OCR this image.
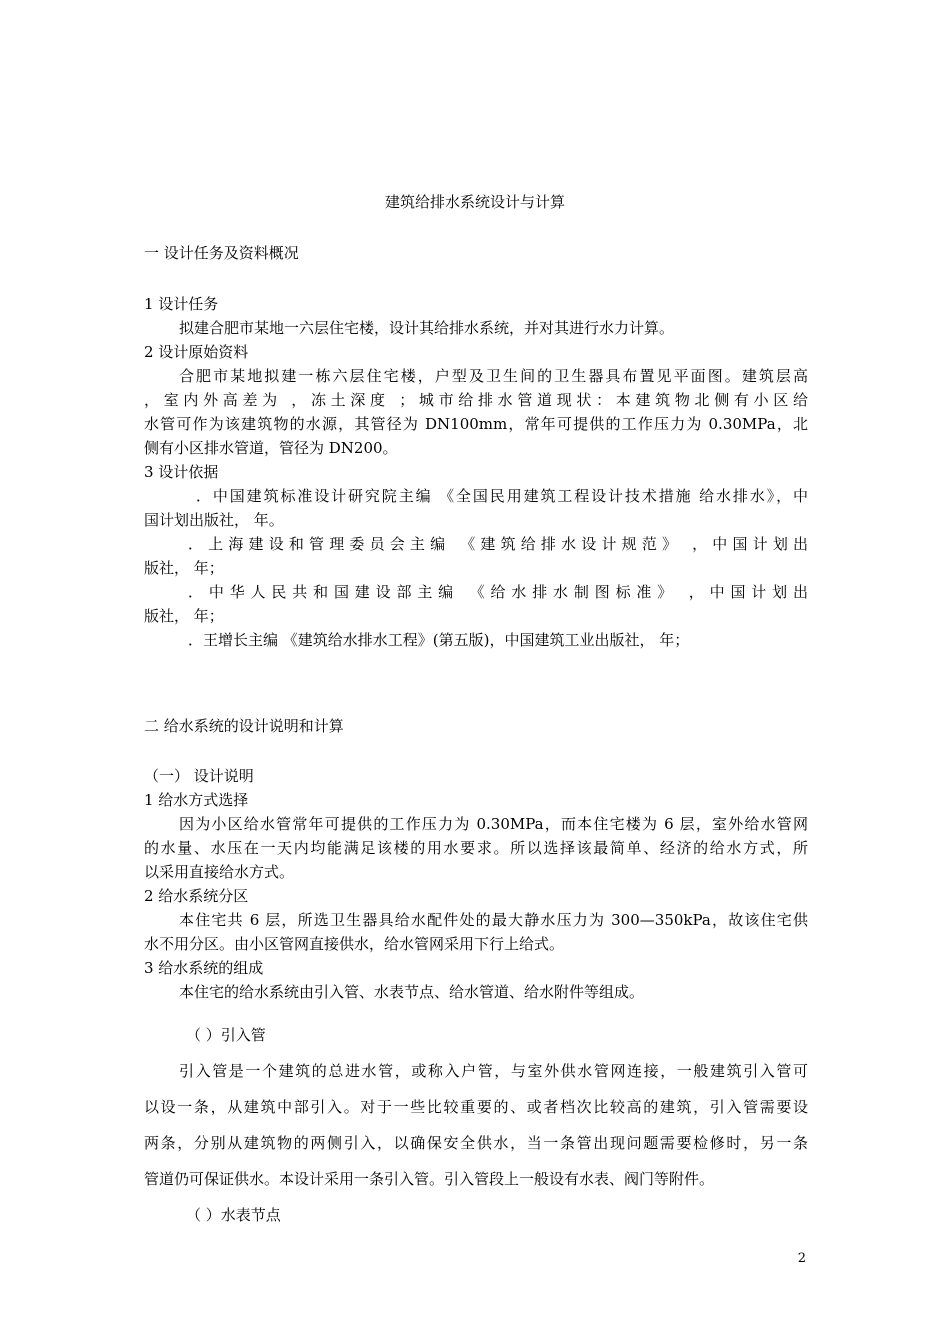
建筑给排水系统设计与计算
一 设计任务及资料概况
1 设计任务
拟建合肥市某地一六层住宅楼，设计其给排水系统，并对其进行水力计算。
2 设计原始资料
合肥市某地拟建一栋六层住宅楼，户型及卫生间的卫生器具布置见平面图。建筑层高
，室内外高差为 ，冻土深度 ；城市给排水管道现状：本建筑物北侧有小区给
水管可作为该建筑物的水源，其管径为 DN100mm，常年可提供的工作压力为 0.30MPa，北
侧有小区排水管道，管径为 DN200。
3 设计依据
．中国建筑标准设计研究院主编 《全国民用建筑工程设计技术措施 给水排水》，中
国计划出版社， 年。
．上海建设和管理委员会主编 《建筑给排水设计规范》 ，中国计划出
版社， 年；
．中华人民共和国建设部主编 《给水排水制图标准》 ，中国计划出
版社， 年；
．王增长主编 《建筑给水排水工程》(第五版)，中国建筑工业出版社， 年；
二 给水系统的设计说明和计算
（一） 设计说明
1 给水方式选择
因为小区给水管常年可提供的工作压力为 0.30MPa，而本住宅楼为 6 层，室外给水管网
的水量、水压在一天内均能满足该楼的用水要求。所以选择该最简单、经济的给水方式，所
以采用直接给水方式。
2 给水系统分区
本住宅共 6 层，所选卫生器具给水配件处的最大静水压力为 300—350kPa，故该住宅供
水不用分区。由小区管网直接供水，给水管网采用下行上给式。
3 给水系统的组成
本住宅的给水系统由引入管、水表节点、给水管道、给水附件等组成。
（ ）引入管
引入管是一个建筑的总进水管，或称入户管，与室外供水管网连接，一般建筑引入管可
以设一条，从建筑中部引入。对于一些比较重要的、或者档次比较高的建筑，引入管需要设
两条，分别从建筑物的两侧引入，以确保安全供水，当一条管出现问题需要检修时，另一条
管道仍可保证供水。本设计采用一条引入管。引入管段上一般设有水表、阀门等附件。
（ ）水表节点
2
